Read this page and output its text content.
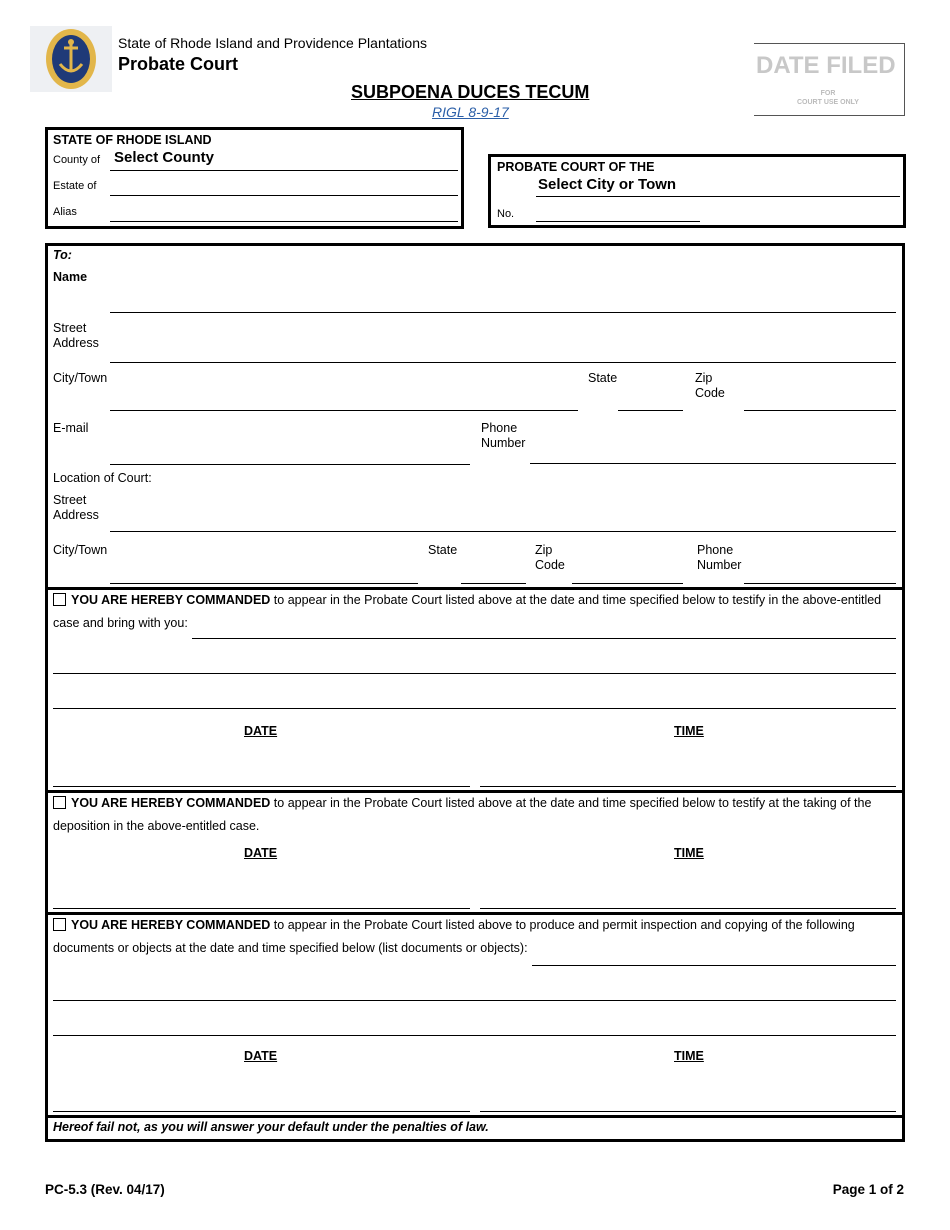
State of Rhode Island and Providence Plantations
Probate Court
SUBPOENA DUCES TECUM
RIGL 8-9-17
DATE FILED
FOR
COURT USE ONLY
STATE OF RHODE ISLAND
County of Select County
Estate of
Alias
PROBATE COURT OF THE
Select City or Town
No.
To:
Name
Street
Address
City/Town	State	Zip
Code
E-mail	Phone
Number
Location of Court:
Street
Address
City/Town	State	Zip
Code
Phone
Number
YOU ARE HEREBY COMMANDED to appear in the Probate Court listed above at the date and time specified below to testify in the above-entitled
case and bring with you:
DATE	TIME
YOU ARE HEREBY COMMANDED to appear in the Probate Court listed above at the date and time specified below to testify at the taking of the
deposition in the above-entitled case.
DATE	TIME
YOU ARE HEREBY COMMANDED to appear in the Probate Court listed above to produce and permit inspection and copying of the following
documents or objects at the date and time specified below (list documents or objects):
DATE	TIME
Hereof fail not, as you will answer your default under the penalties of law.
PC-5.3 (Rev. 04/17)	Page 1 of 2
